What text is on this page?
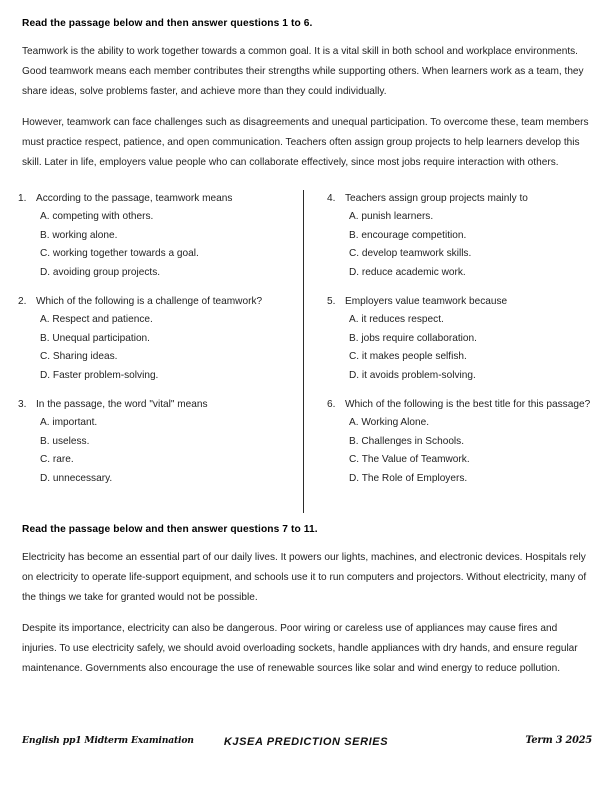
Read the passage below and then answer questions 1 to 6.

Teamwork is the ability to work together towards a common goal. It is a vital skill in both school and workplace environments. Good teamwork means each member contributes their strengths while supporting others. When learners work as a team, they share ideas, solve problems faster, and achieve more than they could individually.

However, teamwork can face challenges such as disagreements and unequal participation. To overcome these, team members must practice respect, patience, and open communication. Teachers often assign group projects to help learners develop this skill. Later in life, employers value people who can collaborate effectively, since most jobs require interaction with others.

1. According to the passage, teamwork means

A. competing with others.
B. working alone.
C. working together towards a goal.
D. avoiding group projects.
2. Which of the following is a challenge of teamwork?

A. Respect and patience.
B. Unequal participation.
C. Sharing ideas.
D. Faster problem-solving.
3. In the passage, the word "vital" means

A. important.
B. useless.
C. rare.
D. unnecessary.
4. Teachers assign group projects mainly to

A. punish learners.
B. encourage competition.
C. develop teamwork skills.
D. reduce academic work.
5. Employers value teamwork because

A. it reduces respect.
B. jobs require collaboration.
C. it makes people selfish.
D. it avoids problem-solving.
6. Which of the following is the best title for this passage?

A. Working Alone.
B. Challenges in Schools.
C. The Value of Teamwork.
D. The Role of Employers.
Read the passage below and then answer questions 7 to 11.

Electricity has become an essential part of our daily lives. It powers our lights, machines, and electronic devices. Hospitals rely on electricity to operate life-support equipment, and schools use it to run computers and projectors. Without electricity, many of the things we take for granted would not be possible.

Despite its importance, electricity can also be dangerous. Poor wiring or careless use of appliances may cause fires and injuries. To use electricity safely, we should avoid overloading sockets, handle appliances with dry hands, and ensure regular maintenance. Governments also encourage the use of renewable sources like solar and wind energy to reduce pollution.

English pp1 Midterm Examination	KJSEA PREDICTION SERIES	Term 3 2025
